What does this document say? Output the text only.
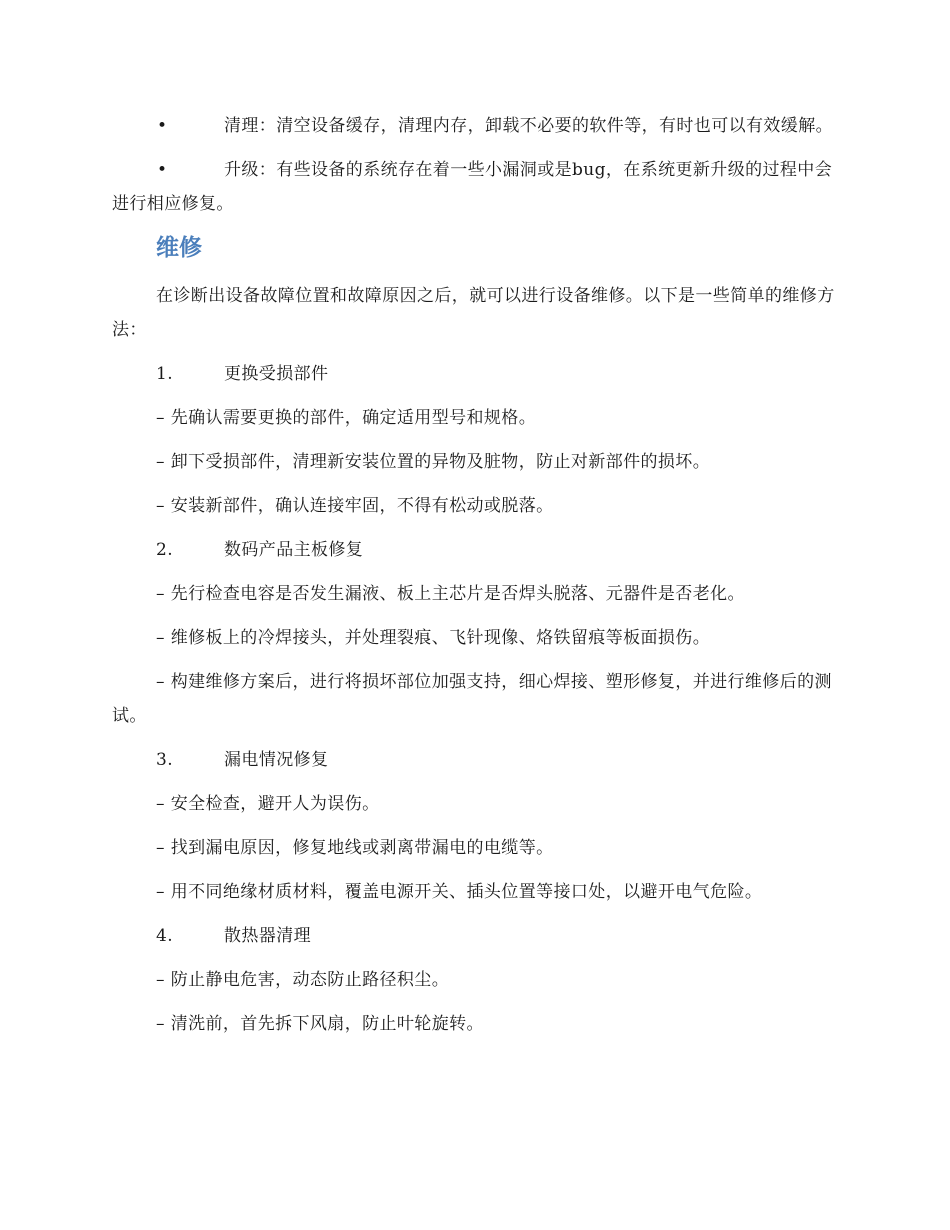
•	清理：清空设备缓存，清理内存，卸载不必要的软件等，有时也可以有效缓解。

•	升级：有些设备的系统存在着一些小漏洞或是bug，在系统更新升级的过程中会进行相应修复。

维修

在诊断出设备故障位置和故障原因之后，就可以进行设备维修。以下是一些简单的维修方法：

1.	更换受损部件

– 先确认需要更换的部件，确定适用型号和规格。

– 卸下受损部件，清理新安装位置的异物及脏物，防止对新部件的损坏。

– 安装新部件，确认连接牢固，不得有松动或脱落。

2.	数码产品主板修复

– 先行检查电容是否发生漏液、板上主芯片是否焊头脱落、元器件是否老化。

– 维修板上的冷焊接头，并处理裂痕、飞针现像、烙铁留痕等板面损伤。

– 构建维修方案后，进行将损坏部位加强支持，细心焊接、塑形修复，并进行维修后的测试。

3.	漏电情况修复

– 安全检查，避开人为误伤。

– 找到漏电原因，修复地线或剥离带漏电的电缆等。

– 用不同绝缘材质材料，覆盖电源开关、插头位置等接口处，以避开电气危险。

4.	散热器清理

– 防止静电危害，动态防止路径积尘。

– 清洗前，首先拆下风扇，防止叶轮旋转。
